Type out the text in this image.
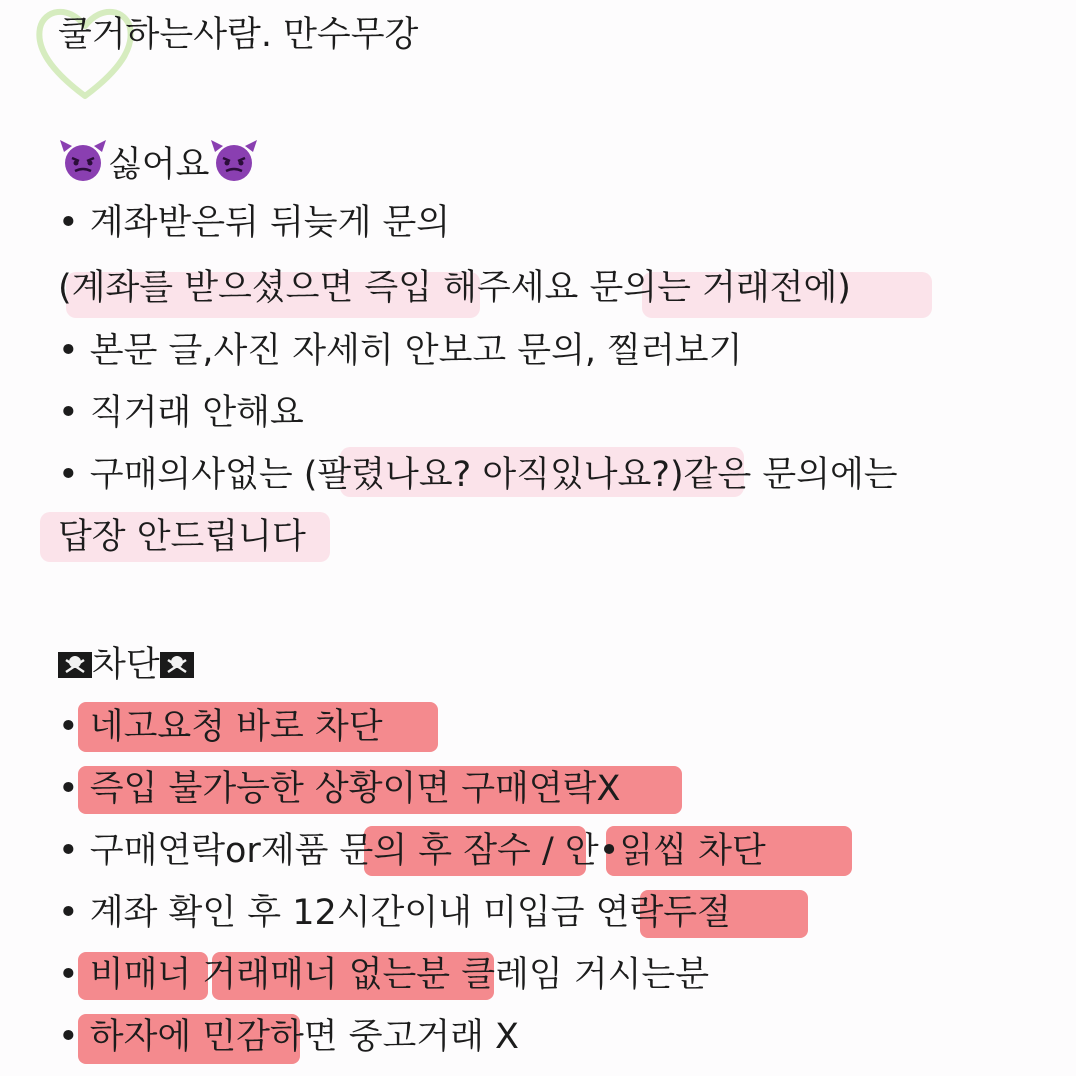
쿨거하는사람. 만수무강
싫어요
• 계좌받은뒤 뒤늦게 문의
(계좌를 받으셨으면 즉입 해주세요 문의는 거래전에)
• 본문 글,사진 자세히 안보고 문의, 찔러보기
• 직거래 안해요
• 구매의사없는 (팔렸나요? 아직있나요?)같은 문의에는
답장 안드립니다
차단
• 네고요청 바로 차단
• 즉입 불가능한 상황이면 구매연락X
• 구매연락or제품 문의 후 잠수 / 안•읽씹 차단
• 계좌 확인 후 12시간이내 미입금 연락두절
• 비매너 거래매너 없는분 클레임 거시는분
• 하자에 민감하면 중고거래 X
